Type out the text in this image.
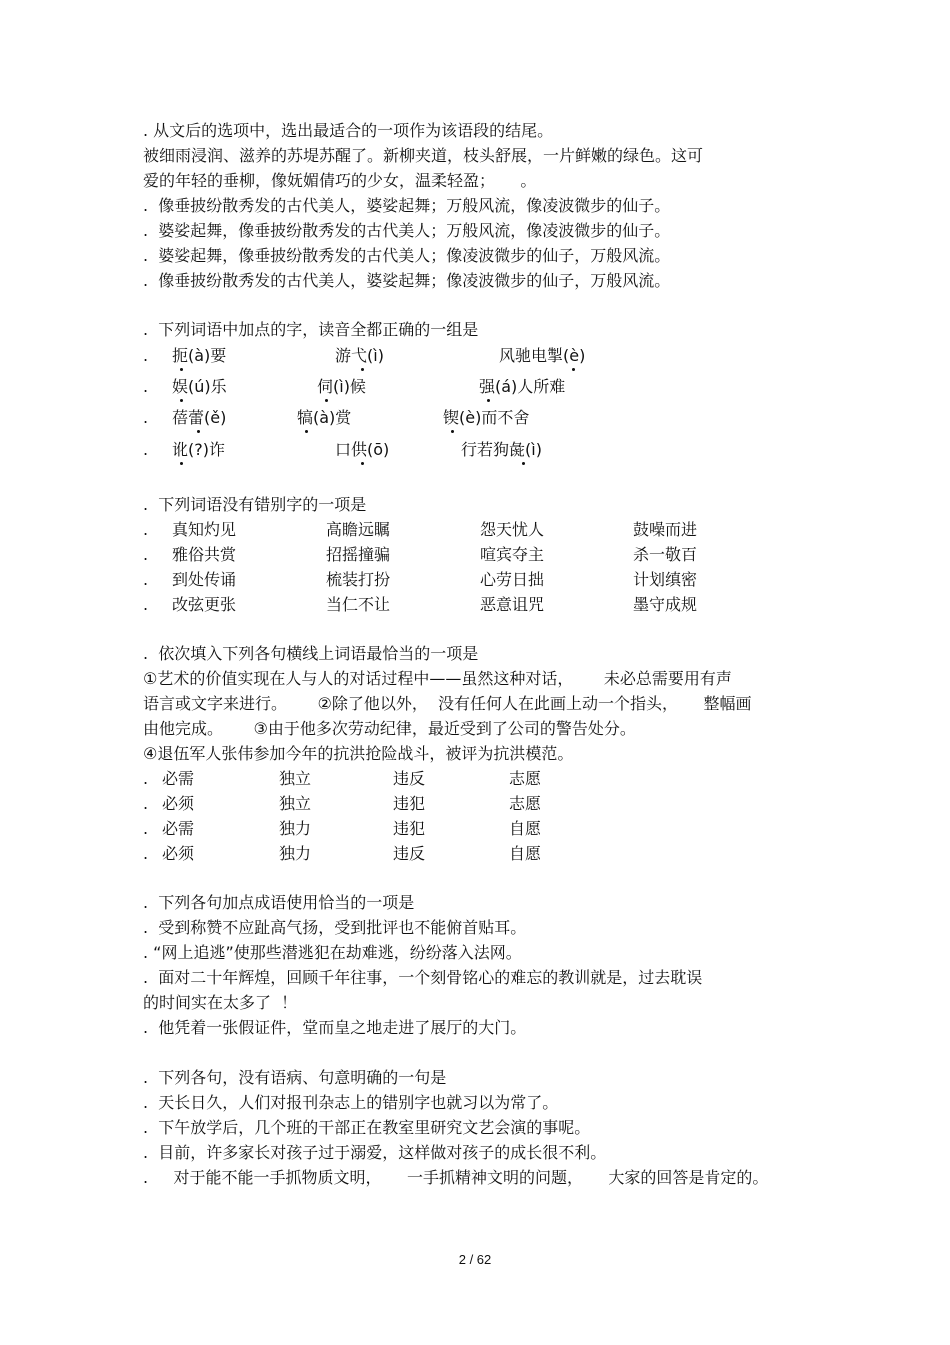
. 从文后的选项中，选出最适合的一项作为该语段的结尾。
被细雨浸润、滋养的苏堤苏醒了。新柳夹道，枝头舒展，一片鲜嫩的绿色。这可
爱的年轻的垂柳，像妩媚倩巧的少女，温柔轻盈；     。
.  像垂披纷散秀发的古代美人，婆娑起舞；万般风流，像凌波微步的仙子。
.  婆娑起舞，像垂披纷散秀发的古代美人；万般风流，像凌波微步的仙子。
.  婆娑起舞，像垂披纷散秀发的古代美人；像凌波微步的仙子，万般风流。
.  像垂披纷散秀发的古代美人，婆娑起舞；像凌波微步的仙子，万般风流。
.  下列词语中加点的字，读音全都正确的一组是
. 扼(à)要	游弋(ì)	风驰电掣(è)
. 娱(ú)乐	伺(ì)候	强(á)人所难
. 蓓蕾(ě)	犒(à)赏	锲(è)而不舍
. 讹(?)诈	口供(ō)	行若狗彘(ì)
.  下列词语没有错别字的一项是
. 真知灼见	高瞻远瞩	怨天忧人	鼓噪而进
. 雅俗共赏	招摇撞骗	喧宾夺主	杀一敬百
. 到处传诵	梳装打扮	心劳日拙	计划缜密
. 改弦更张	当仁不让	恶意诅咒	墨守成规
.  依次填入下列各句横线上词语最恰当的一项是
①艺术的价值实现在人与人的对话过程中——虽然这种对话，      未必总需要用有声
语言或文字来进行。      ②除了他以外，  没有任何人在此画上动一个指头，     整幅画
由他完成。      ③由于他多次劳动纪律，最近受到了公司的警告处分。
④退伍军人张伟参加今年的抗洪抢险战斗，被评为抗洪模范。
. 必需	独立	违反	志愿
. 必须	独立	违犯	志愿
. 必需	独力	违犯	自愿
. 必须	独力	违反	自愿
.  下列各句加点成语使用恰当的一项是
.  受到称赞不应趾高气扬，受到批评也不能俯首贴耳。
. “网上追逃”使那些潜逃犯在劫难逃，纷纷落入法网。
.  面对二十年辉煌，回顾千年往事，一个刻骨铭心的难忘的教训就是，过去耽误
的时间实在太多了  ！
.  他凭着一张假证件，堂而皇之地走进了展厅的大门。
.  下列各句，没有语病、句意明确的一句是
.  天长日久，人们对报刊杂志上的错别字也就习以为常了。
.  下午放学后，几个班的干部正在教室里研究文艺会演的事呢。
.  目前，许多家长对孩子过于溺爱，这样做对孩子的成长很不利。
.     对于能不能一手抓物质文明，     一手抓精神文明的问题，     大家的回答是肯定的。
2 / 62
